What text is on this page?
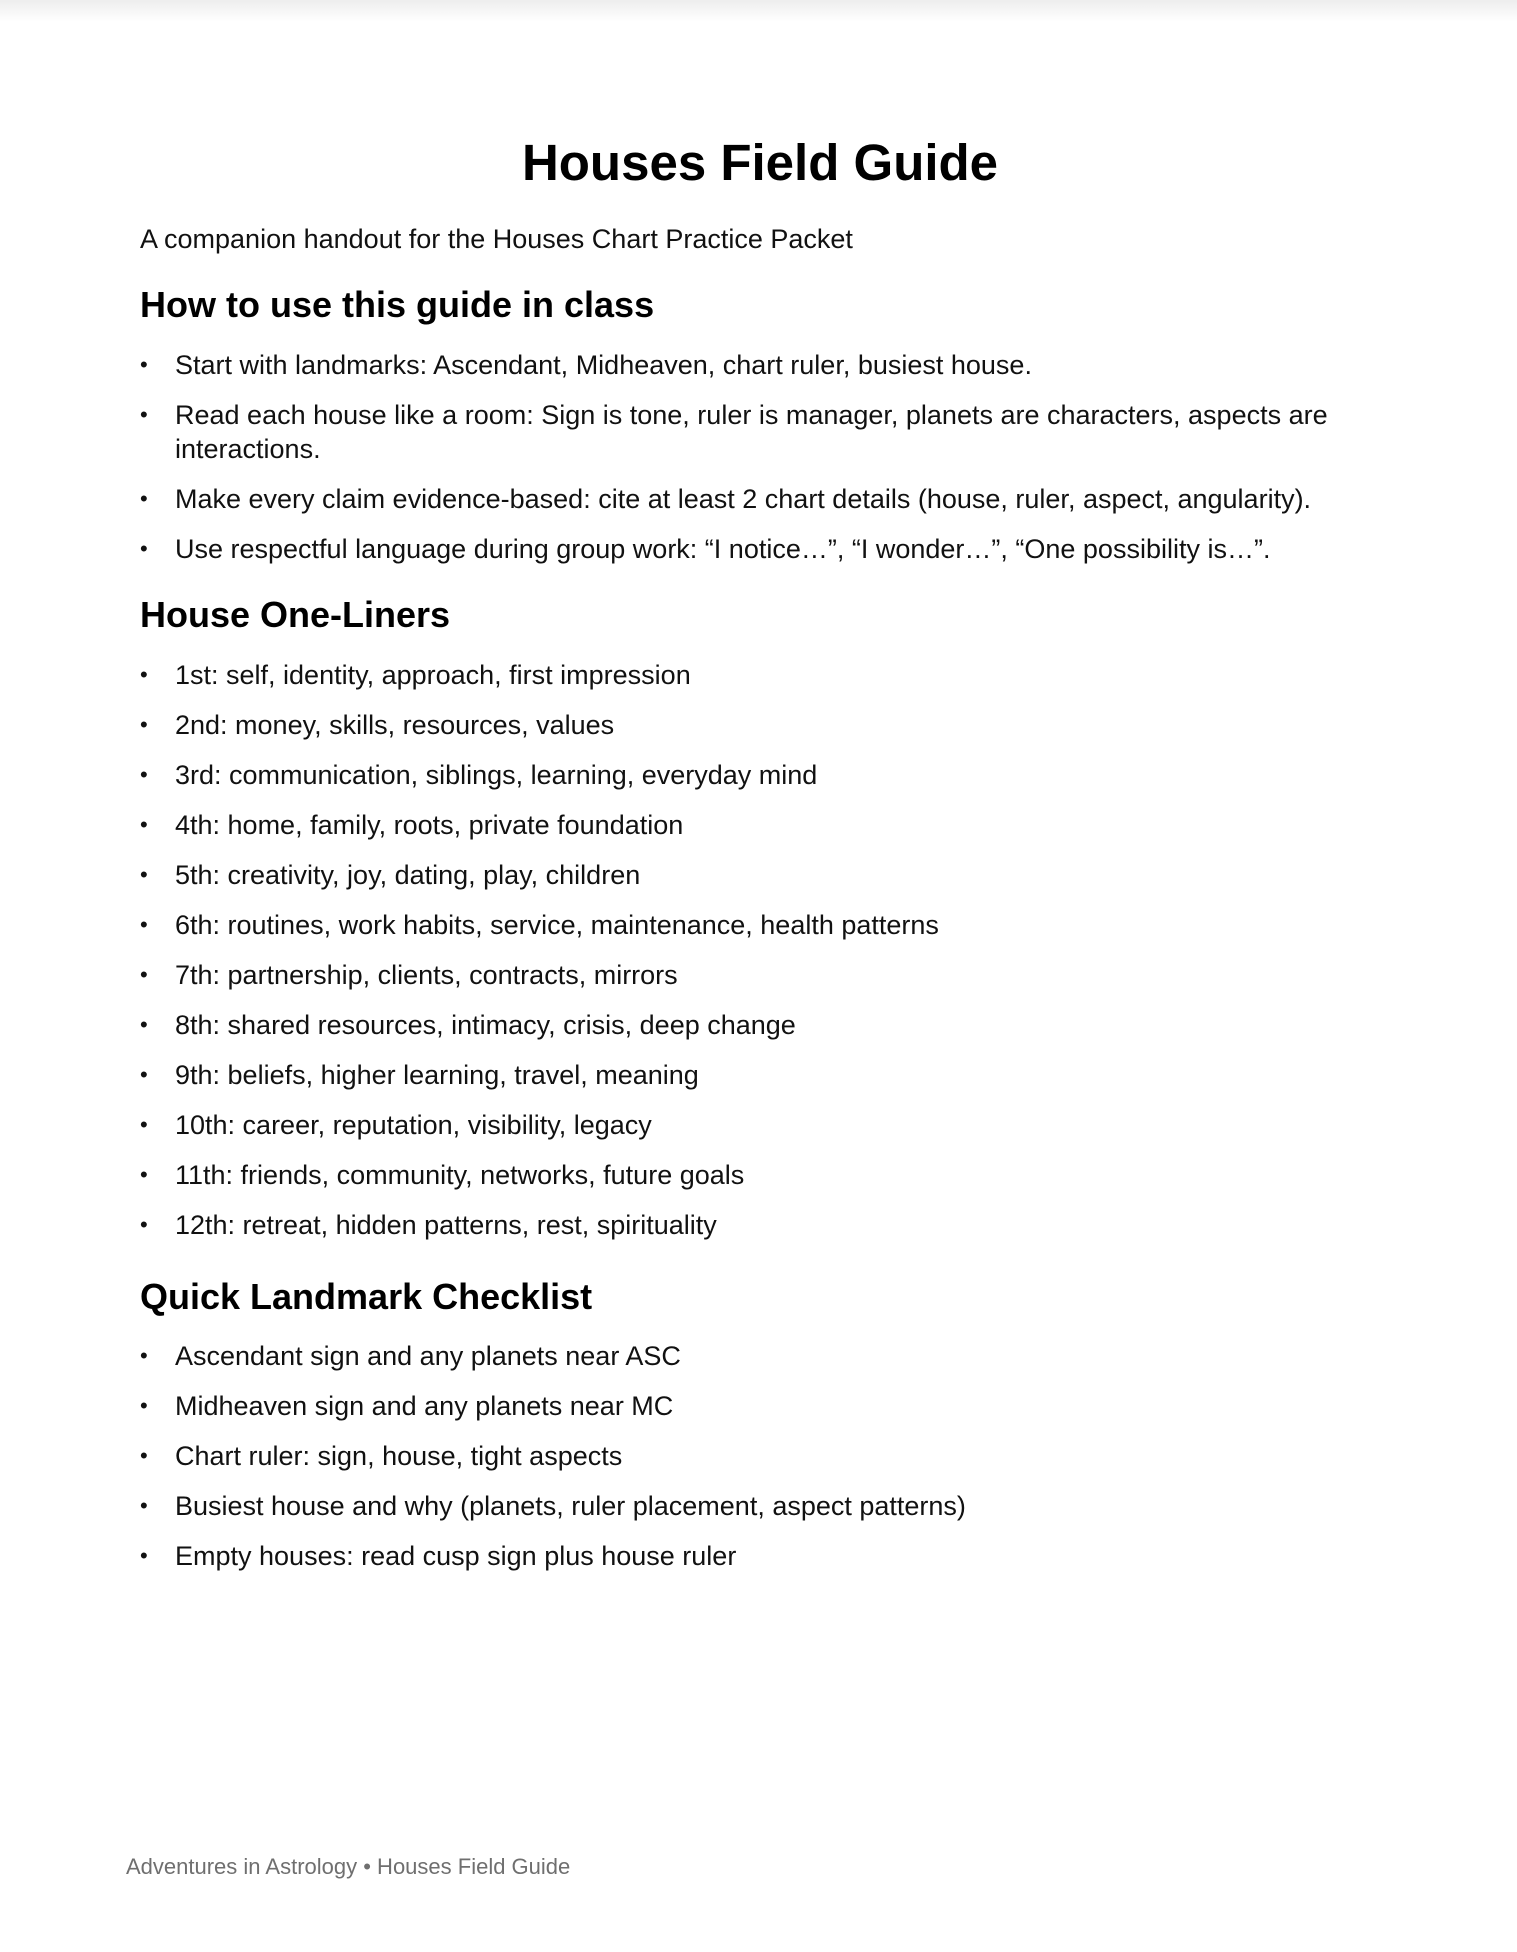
Houses Field Guide

A companion handout for the Houses Chart Practice Packet

How to use this guide in class
•	Start with landmarks: Ascendant, Midheaven, chart ruler, busiest house.
•	Read each house like a room: Sign is tone, ruler is manager, planets are characters, aspects are interactions.
•	Make every claim evidence-based: cite at least 2 chart details (house, ruler, aspect, angularity).
•	Use respectful language during group work: “I notice…”, “I wonder…”, “One possibility is…”.
House One-Liners
•	1st: self, identity, approach, first impression
•	2nd: money, skills, resources, values
•	3rd: communication, siblings, learning, everyday mind
•	4th: home, family, roots, private foundation
•	5th: creativity, joy, dating, play, children
•	6th: routines, work habits, service, maintenance, health patterns
•	7th: partnership, clients, contracts, mirrors
•	8th: shared resources, intimacy, crisis, deep change
•	9th: beliefs, higher learning, travel, meaning
•	10th: career, reputation, visibility, legacy
•	11th: friends, community, networks, future goals
•	12th: retreat, hidden patterns, rest, spirituality
Quick Landmark Checklist
•	Ascendant sign and any planets near ASC
•	Midheaven sign and any planets near MC
•	Chart ruler: sign, house, tight aspects
•	Busiest house and why (planets, ruler placement, aspect patterns)
•	Empty houses: read cusp sign plus house ruler
Adventures in Astrology • Houses Field Guide
